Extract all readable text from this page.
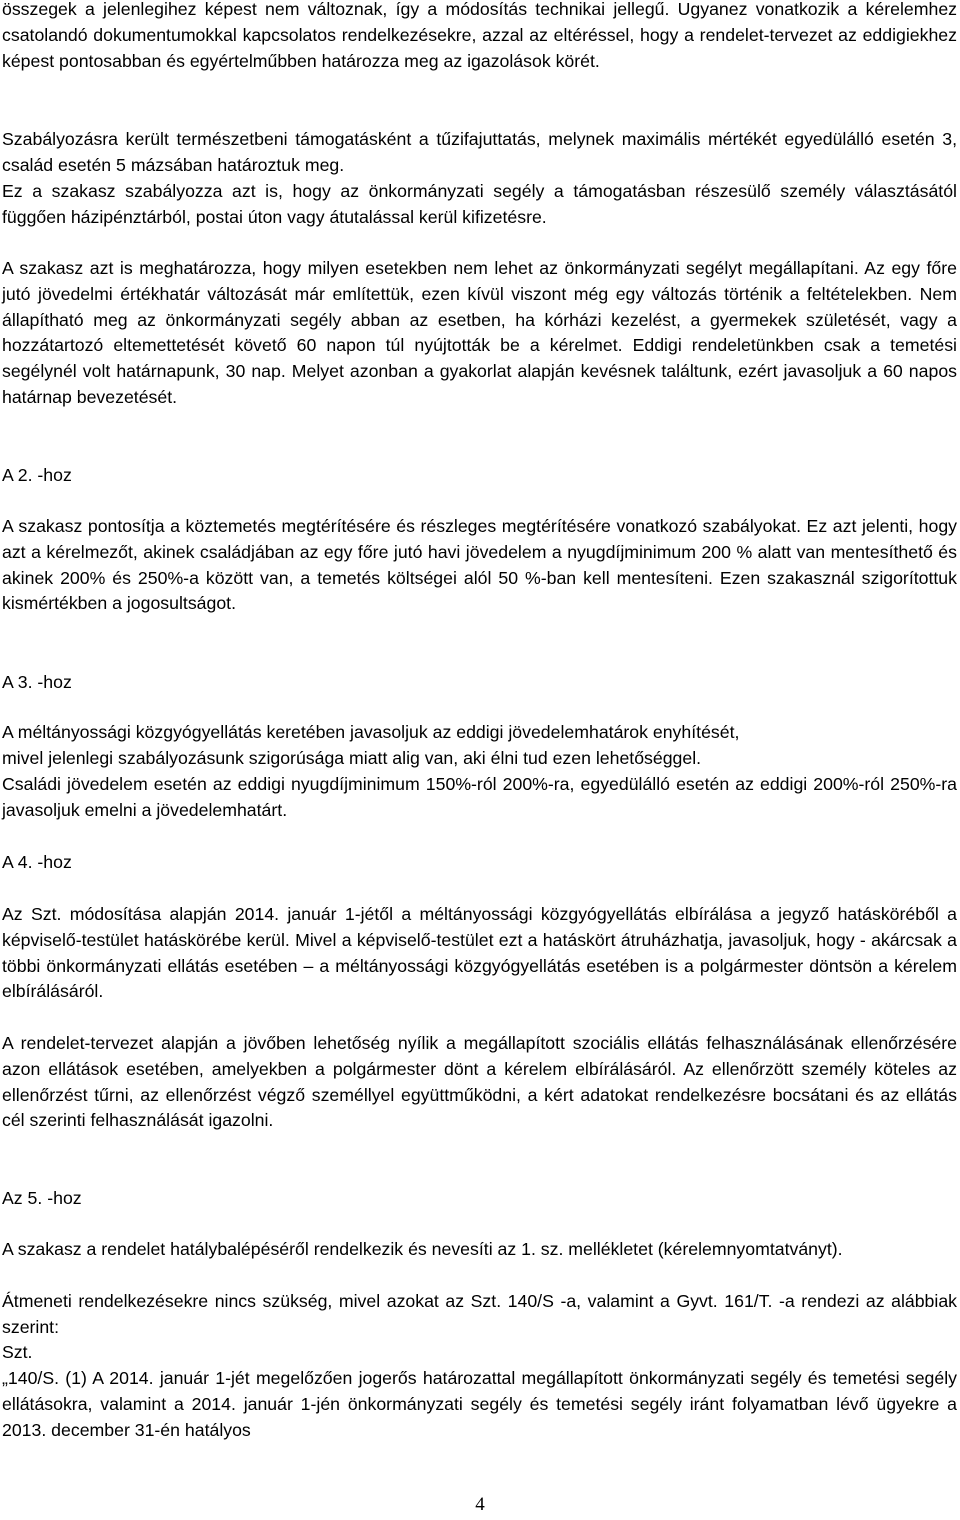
összegek a jelenlegihez képest nem változnak, így a módosítás technikai jellegű. Ugyanez vonatkozik a kérelemhez csatolandó dokumentumokkal kapcsolatos rendelkezésekre, azzal az eltéréssel, hogy a rendelet-tervezet az eddigiekhez képest pontosabban és egyértelműbben határozza meg az igazolások körét.

Szabályozásra került természetbeni támogatásként a tűzifajuttatás, melynek maximális mértékét egyedülálló esetén 3, család esetén 5 mázsában határoztuk meg.

Ez a szakasz szabályozza azt is, hogy az önkormányzati segély a támogatásban részesülő személy választásától függően házipénztárból, postai úton vagy átutalással kerül kifizetésre.

A szakasz azt is meghatározza, hogy milyen esetekben nem lehet az önkormányzati segélyt megállapítani. Az egy főre jutó jövedelmi értékhatár változását már említettük, ezen kívül viszont még egy változás történik a feltételekben. Nem állapítható meg az önkormányzati segély abban az esetben, ha kórházi kezelést, a gyermekek születését, vagy a hozzátartozó eltemettetését követő 60 napon túl nyújtották be a kérelmet. Eddigi rendeletünkben csak a temetési segélynél volt határnapunk, 30 nap. Melyet azonban a gyakorlat alapján kevésnek találtunk, ezért javasoljuk a 60 napos határnap bevezetését.

A 2. -hoz

A szakasz pontosítja a köztemetés megtérítésére és részleges megtérítésére vonatkozó szabályokat. Ez azt jelenti, hogy azt a kérelmezőt, akinek családjában az egy főre jutó havi jövedelem a nyugdíjminimum 200 % alatt van mentesíthető és akinek 200% és 250%-a között van, a temetés költségei alól 50 %-ban kell mentesíteni. Ezen szakasznál szigorítottuk kismértékben a jogosultságot.

A 3. -hoz

A méltányossági közgyógyellátás keretében javasoljuk az eddigi jövedelemhatárok enyhítését,

mivel jelenlegi szabályozásunk szigorúsága miatt alig van, aki élni tud ezen lehetőséggel.

Családi jövedelem esetén az eddigi nyugdíjminimum 150%-ról 200%-ra, egyedülálló esetén az eddigi 200%-ról 250%-ra javasoljuk emelni a jövedelemhatárt.

A 4. -hoz

Az Szt. módosítása alapján 2014. január 1-jétől a méltányossági közgyógyellátás elbírálása a jegyző hatásköréből a képviselő-testület hatáskörébe kerül. Mivel a képviselő-testület ezt a hatáskört átruházhatja, javasoljuk, hogy - akárcsak a többi önkormányzati ellátás esetében – a méltányossági közgyógyellátás esetében is a polgármester döntsön a kérelem elbírálásáról.

A rendelet-tervezet alapján a jövőben lehetőség nyílik a megállapított szociális ellátás felhasználásának ellenőrzésére azon ellátások esetében, amelyekben a polgármester dönt a kérelem elbírálásáról. Az ellenőrzött személy köteles az ellenőrzést tűrni, az ellenőrzést végző személlyel együttműködni, a kért adatokat rendelkezésre bocsátani és az ellátás cél szerinti felhasználását igazolni.

Az 5. -hoz

A szakasz a rendelet hatálybalépéséről rendelkezik és nevesíti az 1. sz. mellékletet (kérelemnyomtatványt).

Átmeneti rendelkezésekre nincs szükség, mivel azokat az Szt. 140/S -a, valamint a Gyvt. 161/T. -a rendezi az alábbiak szerint:

Szt.

„140/S. (1) A 2014. január 1-jét megelőzően jogerős határozattal megállapított önkormányzati segély és temetési segély ellátásokra, valamint a 2014. január 1-jén önkormányzati segély és temetési segély iránt folyamatban lévő ügyekre a 2013. december 31-én hatályos

4
